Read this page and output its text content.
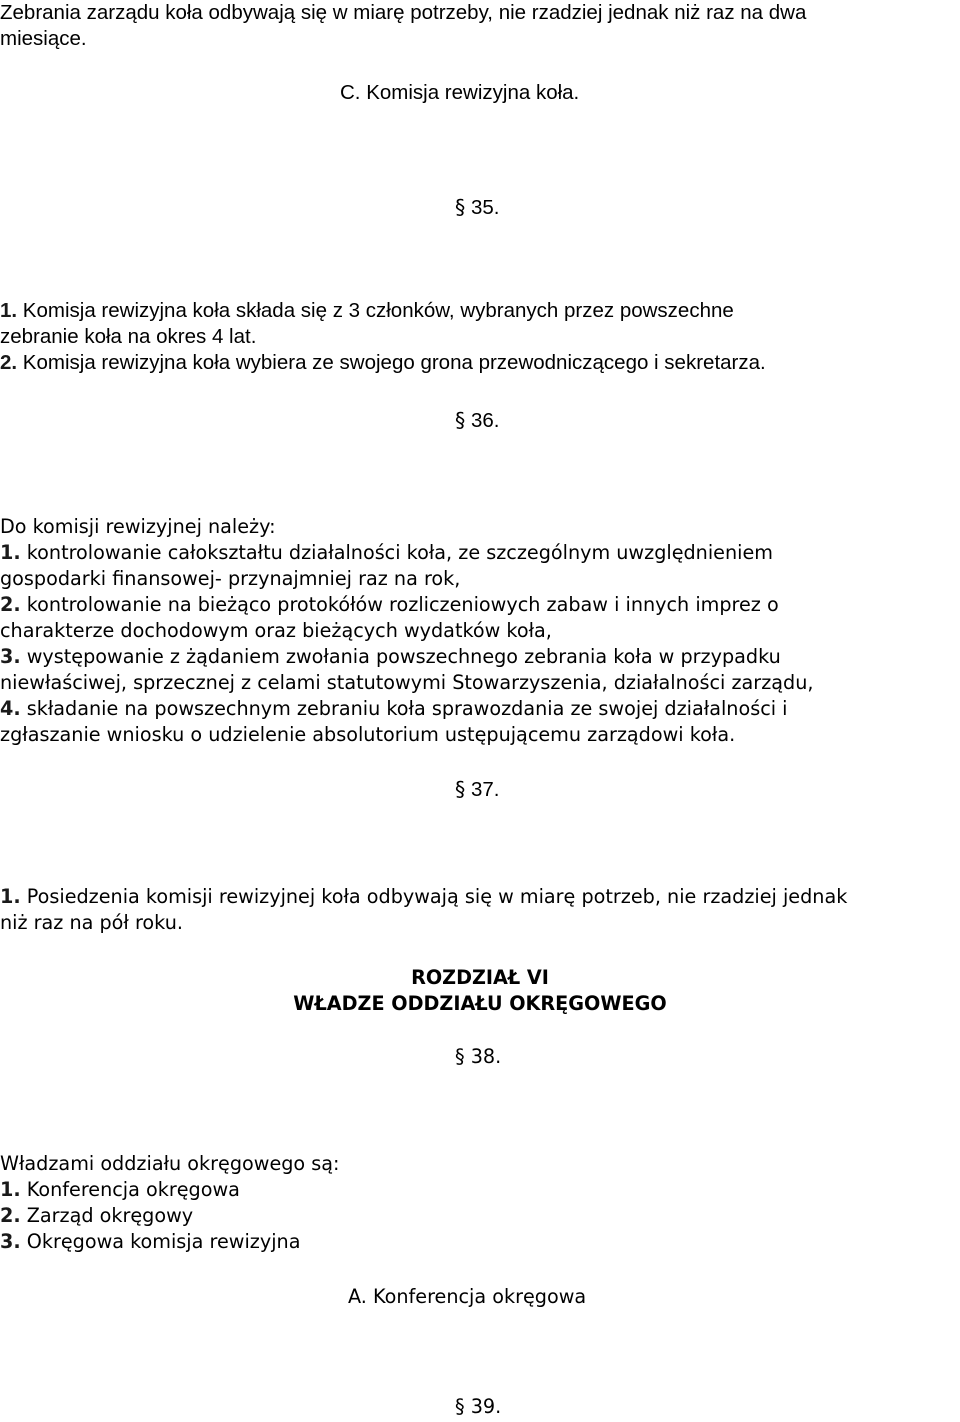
Zebrania zarządu koła odbywają się w miarę potrzeby, nie rzadziej jednak niż raz na dwa
miesiące.
C. Komisja rewizyjna koła.
§ 35.
1. Komisja rewizyjna koła składa się z 3 członków, wybranych przez powszechne
zebranie koła na okres 4 lat.
2. Komisja rewizyjna koła wybiera ze swojego grona przewodniczącego i sekretarza.
§ 36.
Do komisji rewizyjnej należy:
1. kontrolowanie całokształtu działalności koła, ze szczególnym uwzględnieniem
gospodarki finansowej- przynajmniej raz na rok,
2. kontrolowanie na bieżąco protokółów rozliczeniowych zabaw i innych imprez o
charakterze dochodowym oraz bieżących wydatków koła,
3. występowanie z żądaniem zwołania powszechnego zebrania koła w przypadku
niewłaściwej, sprzecznej z celami statutowymi Stowarzyszenia, działalności zarządu,
4. składanie na powszechnym zebraniu koła sprawozdania ze swojej działalności i
zgłaszanie wniosku o udzielenie absolutorium ustępującemu zarządowi koła.
§ 37.
1. Posiedzenia komisji rewizyjnej koła odbywają się w miarę potrzeb, nie rzadziej jednak
niż raz na pół roku.
ROZDZIAŁ VI
WŁADZE ODDZIAŁU OKRĘGOWEGO
§ 38.
Władzami oddziału okręgowego są:
1. Konferencja okręgowa
2. Zarząd okręgowy
3. Okręgowa komisja rewizyjna
A. Konferencja okręgowa
§ 39.
